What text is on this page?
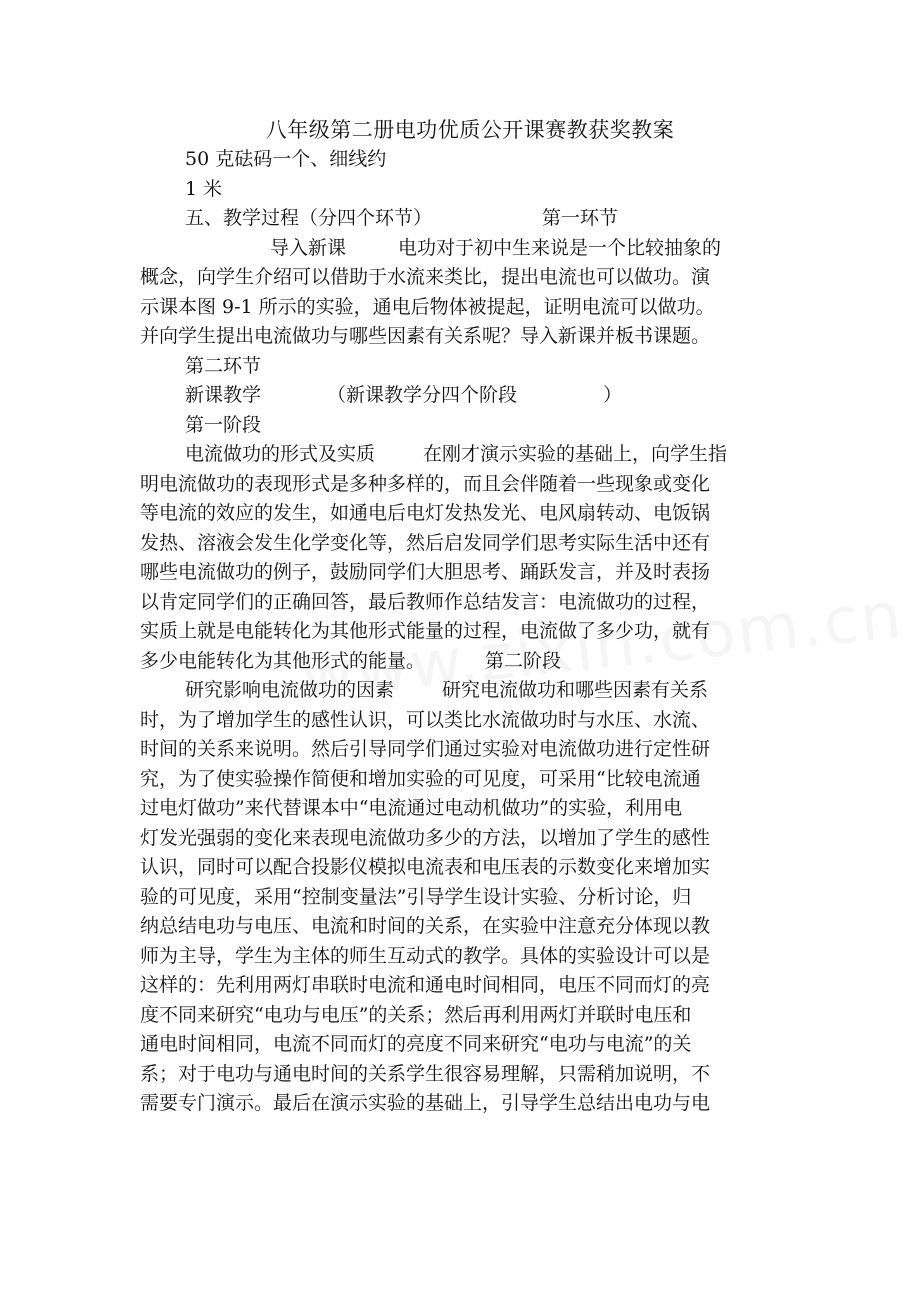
八年级第二册电功优质公开课赛教获奖教案
50 克砝码一个、细线约
1 米
五、教学过程（分四个环节）	第一环节
导入新课	电功对于初中生来说是一个比较抽象的
概念，向学生介绍可以借助于水流来类比，提出电流也可以做功。演
示课本图 9-1 所示的实验，通电后物体被提起，证明电流可以做功。
并向学生提出电流做功与哪些因素有关系呢？导入新课并板书课题。
第二环节
新课教学	（新课教学分四个阶段	）
第一阶段
电流做功的形式及实质	在刚才演示实验的基础上，向学生指
明电流做功的表现形式是多种多样的，而且会伴随着一些现象或变化
等电流的效应的发生，如通电后电灯发热发光、电风扇转动、电饭锅
发热、溶液会发生化学变化等，然后启发同学们思考实际生活中还有
哪些电流做功的例子，鼓励同学们大胆思考、踊跃发言，并及时表扬
以肯定同学们的正确回答，最后教师作总结发言：电流做功的过程，
实质上就是电能转化为其他形式能量的过程，电流做了多少功，就有
多少电能转化为其他形式的能量。	第二阶段
研究影响电流做功的因素	研究电流做功和哪些因素有关系
时，为了增加学生的感性认识，可以类比水流做功时与水压、水流、
时间的关系来说明。然后引导同学们通过实验对电流做功进行定性研
究，为了使实验操作简便和增加实验的可见度，可采用“比较电流通
过电灯做功”来代替课本中“电流通过电动机做功”的实验，利用电
灯发光强弱的变化来表现电流做功多少的方法，以增加了学生的感性
认识，同时可以配合投影仪模拟电流表和电压表的示数变化来增加实
验的可见度，采用“控制变量法”引导学生设计实验、分析讨论，归
纳总结电功与电压、电流和时间的关系，在实验中注意充分体现以教
师为主导，学生为主体的师生互动式的教学。具体的实验设计可以是
这样的：先利用两灯串联时电流和通电时间相同，电压不同而灯的亮
度不同来研究“电功与电压”的关系；然后再利用两灯并联时电压和
通电时间相同，电流不同而灯的亮度不同来研究“电功与电流”的关
系；对于电功与通电时间的关系学生很容易理解，只需稍加说明，不
需要专门演示。最后在演示实验的基础上，引导学生总结出电功与电
